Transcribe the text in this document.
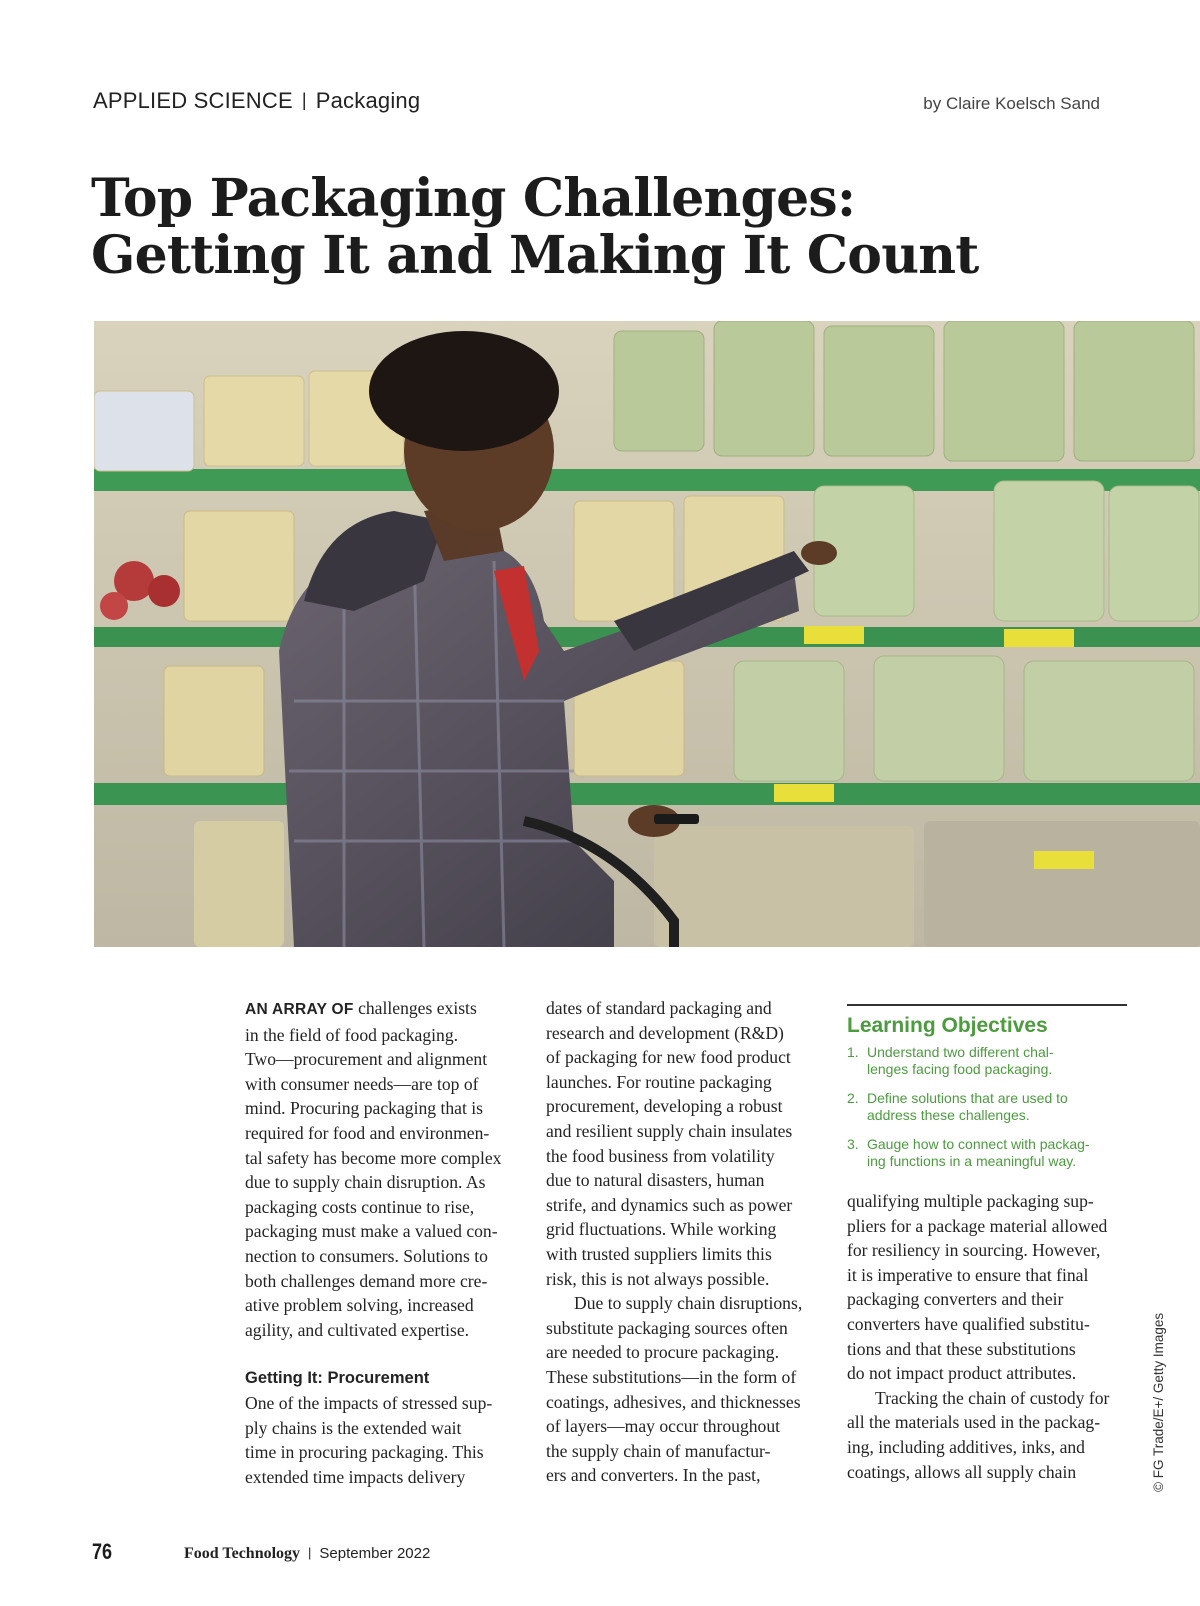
APPLIED SCIENCE | Packaging	by Claire Koelsch Sand
Top Packaging Challenges:
Getting It and Making It Count

AN ARRAY OF challenges exists
in the field of food packaging.
Two—procurement and alignment
with consumer needs—are top of
mind. Procuring packaging that is
required for food and environmen-
tal safety has become more complex
due to supply chain disruption. As
packaging costs continue to rise,
packaging must make a valued con-
nection to consumers. Solutions to
both challenges demand more cre-
ative problem solving, increased
agility, and cultivated expertise.

Getting It: Procurement

One of the impacts of stressed sup-
ply chains is the extended wait
time in procuring packaging. This
extended time impacts delivery

dates of standard packaging and
research and development (R&D)
of packaging for new food product
launches. For routine packaging
procurement, developing a robust
and resilient supply chain insulates
the food business from volatility
due to natural disasters, human
strife, and dynamics such as power
grid fluctuations. While working
with trusted suppliers limits this
risk, this is not always possible.

Due to supply chain disruptions,
substitute packaging sources often
are needed to procure packaging.
These substitutions—in the form of
coatings, adhesives, and thicknesses
of layers—may occur throughout
the supply chain of manufactur-
ers and converters. In the past,

Learning Objectives
1. Understand two different chal-
lenges facing food packaging.
2. Define solutions that are used to
address these challenges.
3. Gauge how to connect with packag-
ing functions in a meaningful way.

qualifying multiple packaging sup-
pliers for a package material allowed
for resiliency in sourcing. However,
it is imperative to ensure that final
packaging converters and their
converters have qualified substitu-
tions and that these substitutions
do not impact product attributes.

Tracking the chain of custody for
all the materials used in the packag-
ing, including additives, inks, and
coatings, allows all supply chain	© FG Trade/E+/ Getty Images
76	Food Technology | September 2022
